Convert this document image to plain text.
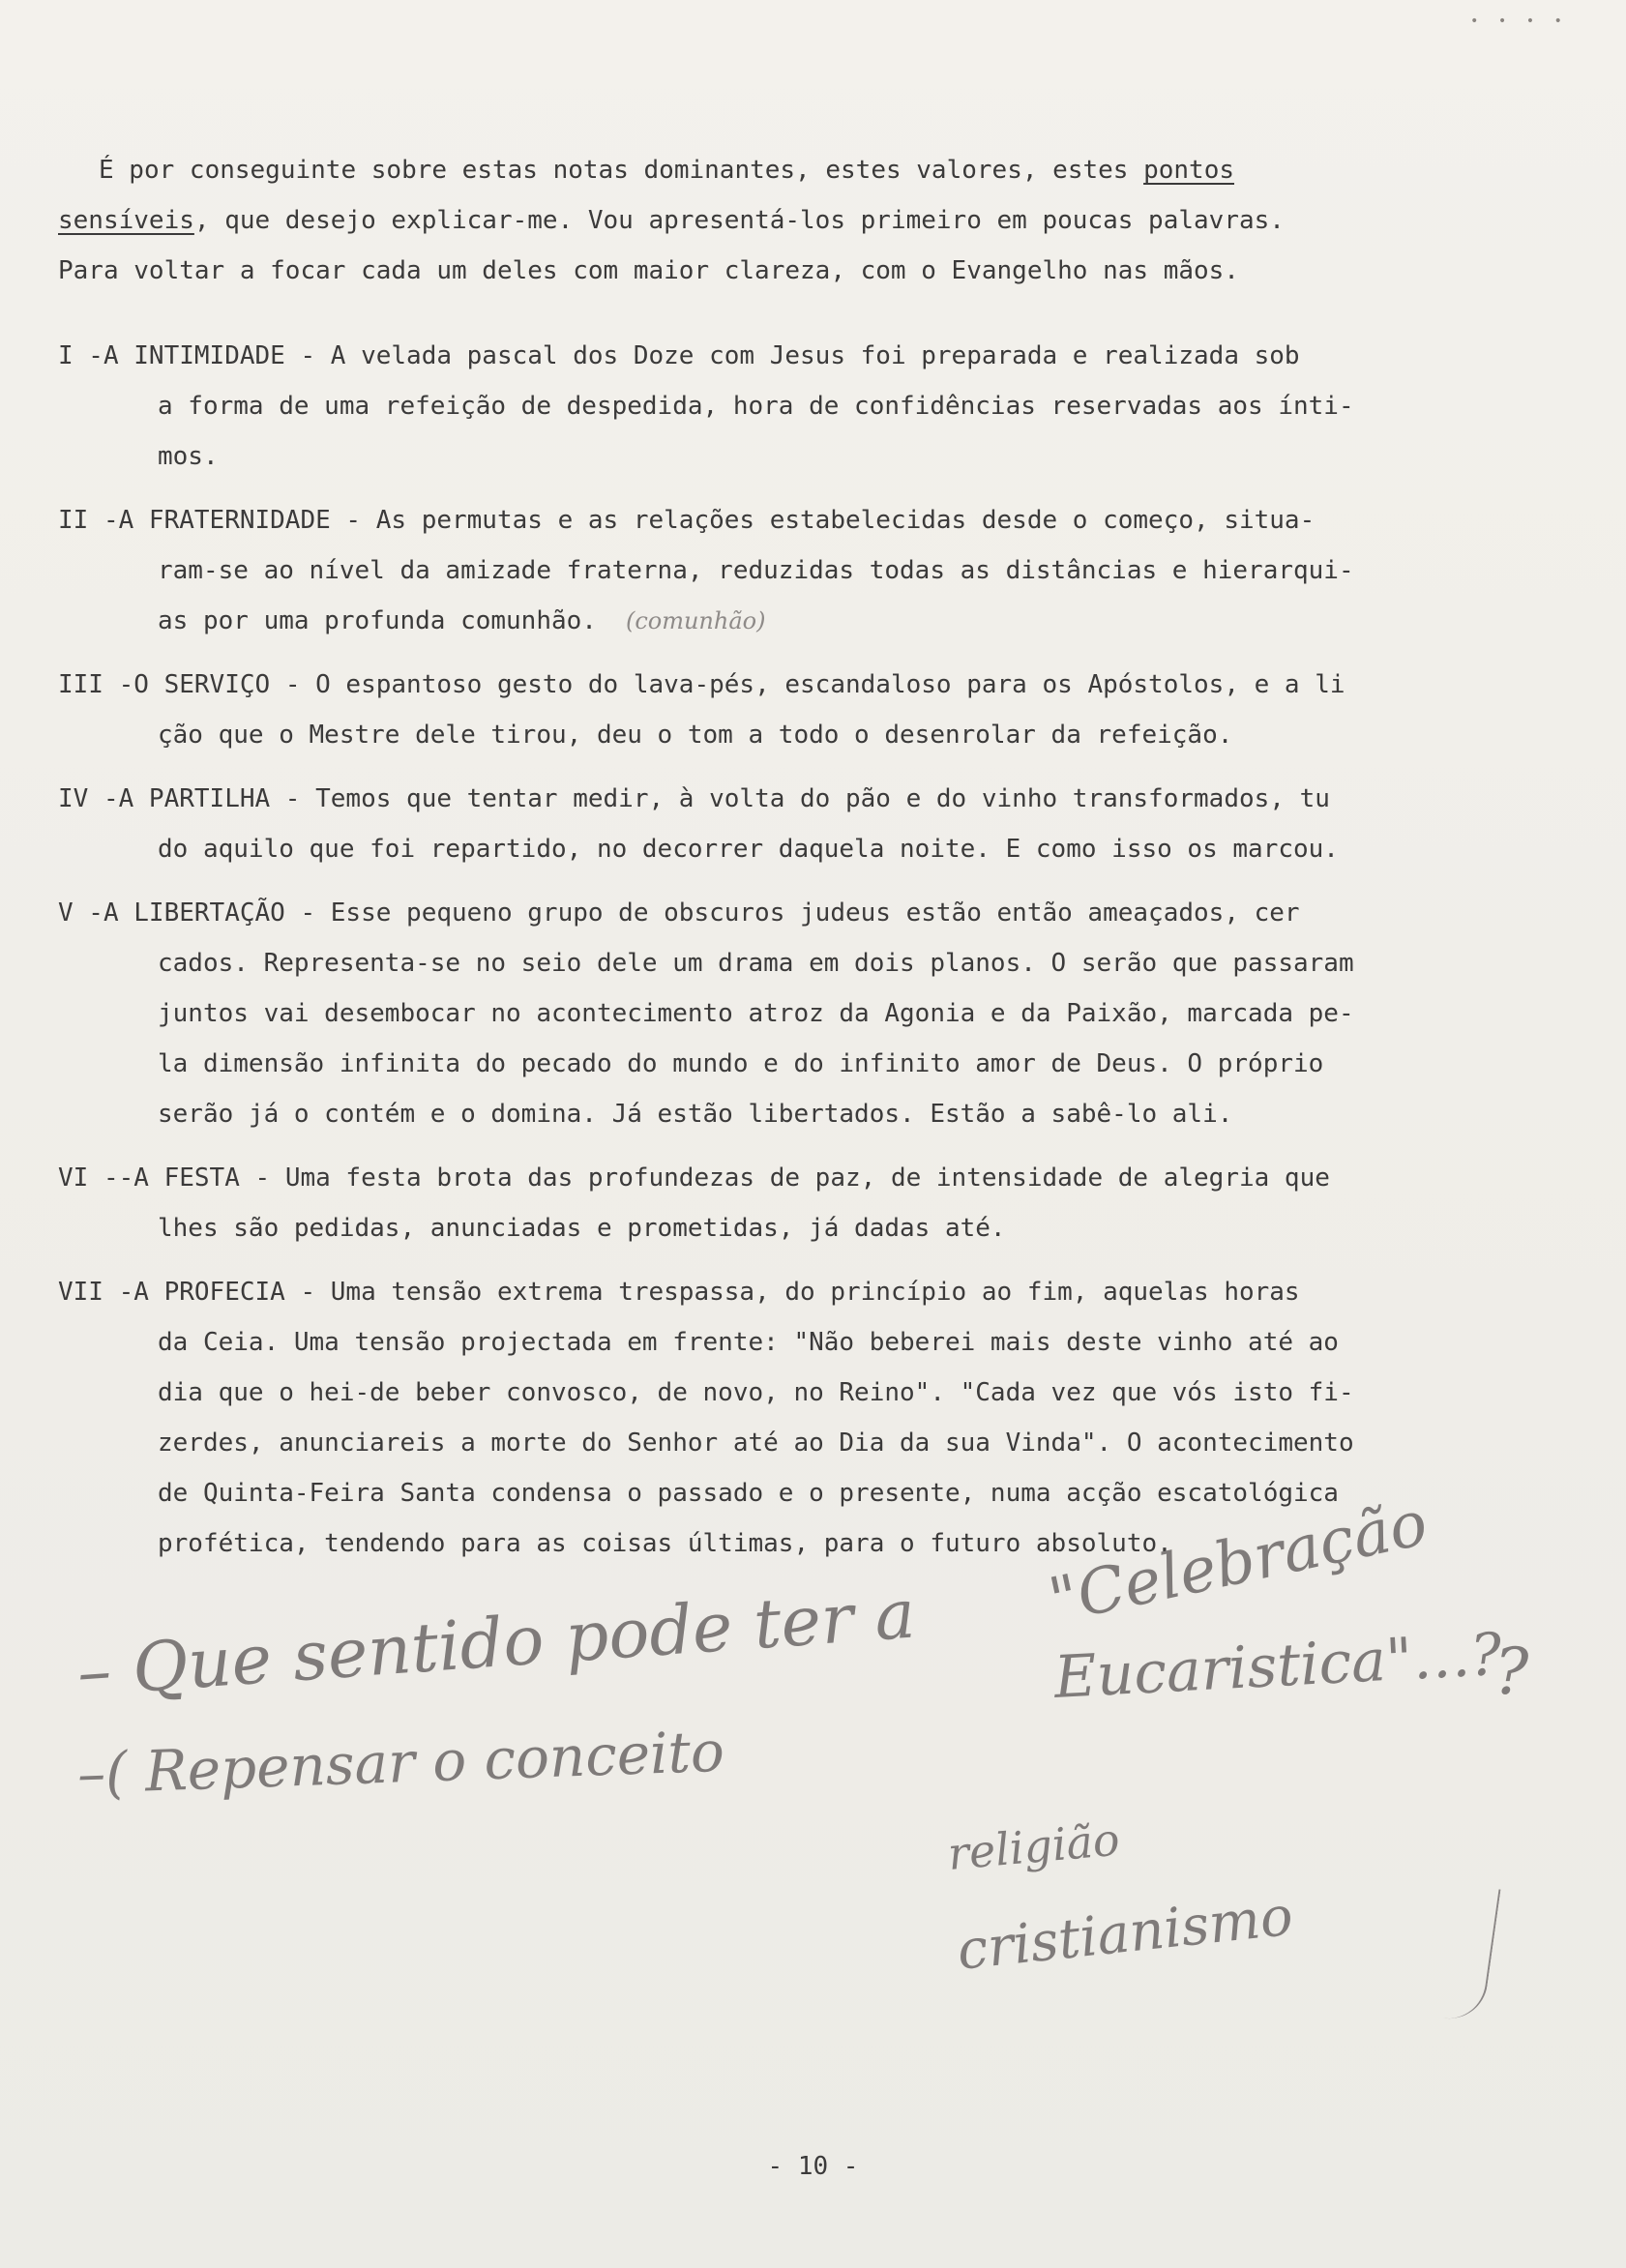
• • • •
É por conseguinte sobre estas notas dominantes, estes valores, estes pontos
sensíveis, que desejo explicar-me. Vou apresentá-los primeiro em poucas palavras.
Para voltar a focar cada um deles com maior clareza, com o Evangelho nas mãos.
I -A INTIMIDADE - A velada pascal dos Doze com Jesus foi preparada e realizada sob
a forma de uma refeição de despedida, hora de confidências reservadas aos ínti-
mos.
II -A FRATERNIDADE - As permutas e as relações estabelecidas desde o começo, situa-
ram-se ao nível da amizade fraterna, reduzidas todas as distâncias e hierarqui-
as por uma profunda comunhão. (comunhão)
III -O SERVIÇO - O espantoso gesto do lava-pés, escandaloso para os Apóstolos, e a li
ção que o Mestre dele tirou, deu o tom a todo o desenrolar da refeição.
IV -A PARTILHA - Temos que tentar medir, à volta do pão e do vinho transformados, tu
do aquilo que foi repartido, no decorrer daquela noite. E como isso os marcou.
V -A LIBERTAÇÃO - Esse pequeno grupo de obscuros judeus estão então ameaçados, cer
cados. Representa-se no seio dele um drama em dois planos. O serão que passaram
juntos vai desembocar no acontecimento atroz da Agonia e da Paixão, marcada pe-
la dimensão infinita do pecado do mundo e do infinito amor de Deus. O próprio
serão já o contém e o domina. Já estão libertados. Estão a sabê-lo ali.
VI --A FESTA - Uma festa brota das profundezas de paz, de intensidade de alegria que
lhes são pedidas, anunciadas e prometidas, já dadas até.
VII -A PROFECIA - Uma tensão extrema trespassa, do princípio ao fim, aquelas horas
da Ceia. Uma tensão projectada em frente: "Não beberei mais deste vinho até ao
dia que o hei-de beber convosco, de novo, no Reino". "Cada vez que vós isto fi-
zerdes, anunciareis a morte do Senhor até ao Dia da sua Vinda". O acontecimento
de Quinta-Feira Santa condensa o passado e o presente, numa acção escatológica
profética, tendendo para as coisas últimas, para o futuro absoluto.
– Que sentido pode ter a
"Celebração
?
Eucaristica"…?
–( Repensar o conceito
religião
cristianismo
- 10 -
